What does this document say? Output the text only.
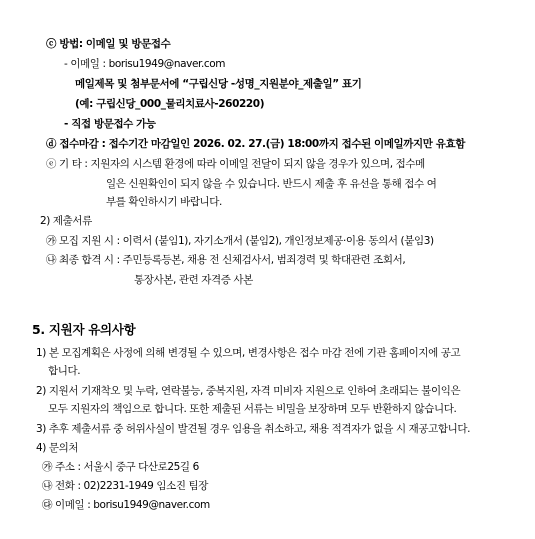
ⓒ 방법: 이메일 및 방문접수
- 이메일 : borisu1949@naver.com
메일제목 및 첨부문서에 “구립신당 -성명_지원분야_제출일” 표기
(예: 구립신당_000_물리치료사-260220)
- 직접 방문접수 가능
ⓓ 접수마감 : 접수기간 마감일인 2026. 02. 27.(금) 18:00까지 접수된 이메일까지만 유효함
ⓔ 기 타 : 지원자의 시스템 환경에 따라 이메일 전달이 되지 않을 경우가 있으며, 접수메
일은 신원확인이 되지 않을 수 있습니다. 반드시 제출 후 유선을 통해 접수 여
부를 확인하시기 바랍니다.
2) 제출서류
㉮ 모집 지원 시 : 이력서 (붙임1), 자기소개서 (붙임2), 개인정보제공·이용 동의서 (붙임3)
㉯ 최종 합격 시 : 주민등록등본, 채용 전 신체검사서, 범죄경력 및 학대관련 조회서,
통장사본, 관련 자격증 사본
5. 지원자 유의사항
1) 본 모집계획은 사정에 의해 변경될 수 있으며, 변경사항은 접수 마감 전에 기관 홈페이지에 공고
합니다.
2) 지원서 기재착오 및 누락, 연락불능, 중복지원, 자격 미비자 지원으로 인하여 초래되는 불이익은
모두 지원자의 책임으로 합니다. 또한 제출된 서류는 비밀을 보장하며 모두 반환하지 않습니다.
3) 추후 제출서류 중 허위사실이 발견될 경우 임용을 취소하고, 채용 적격자가 없을 시 재공고합니다.
4) 문의처
㉮ 주소 : 서울시 중구 다산로25길 6
㉯ 전화 : 02)2231-1949 임소진 팀장
㉰ 이메일 : borisu1949@naver.com
